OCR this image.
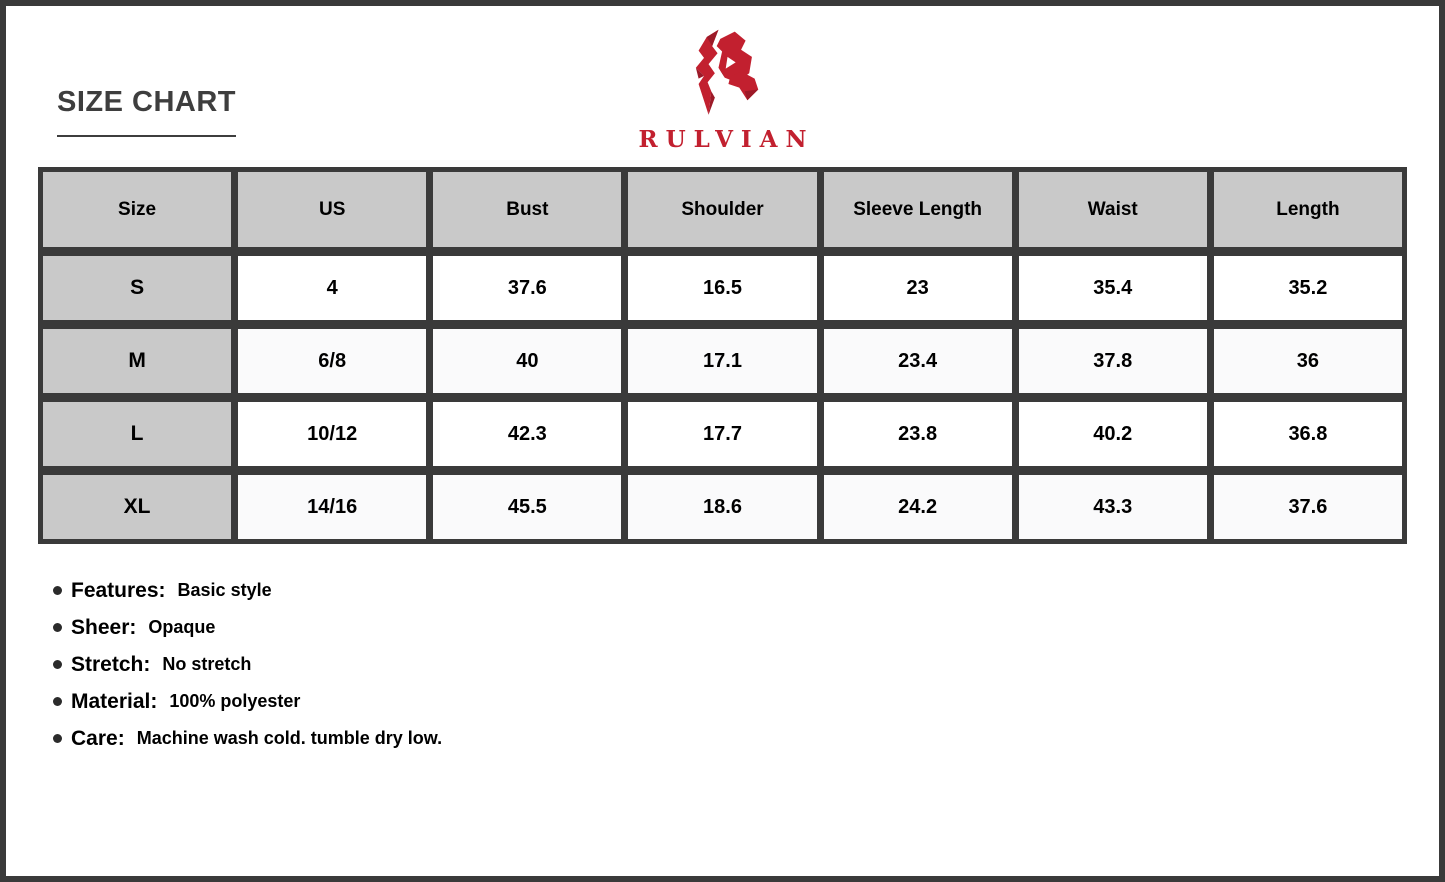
SIZE CHART
RULVIAN
Size	US	Bust	Shoulder	Sleeve Length	Waist	Length
S	4	37.6	16.5	23	35.4	35.2
M	6/8	40	17.1	23.4	37.8	36
L	10/12	42.3	17.7	23.8	40.2	36.8
XL	14/16	45.5	18.6	24.2	43.3	37.6
Features: Basic style
Sheer: Opaque
Stretch: No stretch
Material: 100% polyester
Care: Machine wash cold. tumble dry low.
